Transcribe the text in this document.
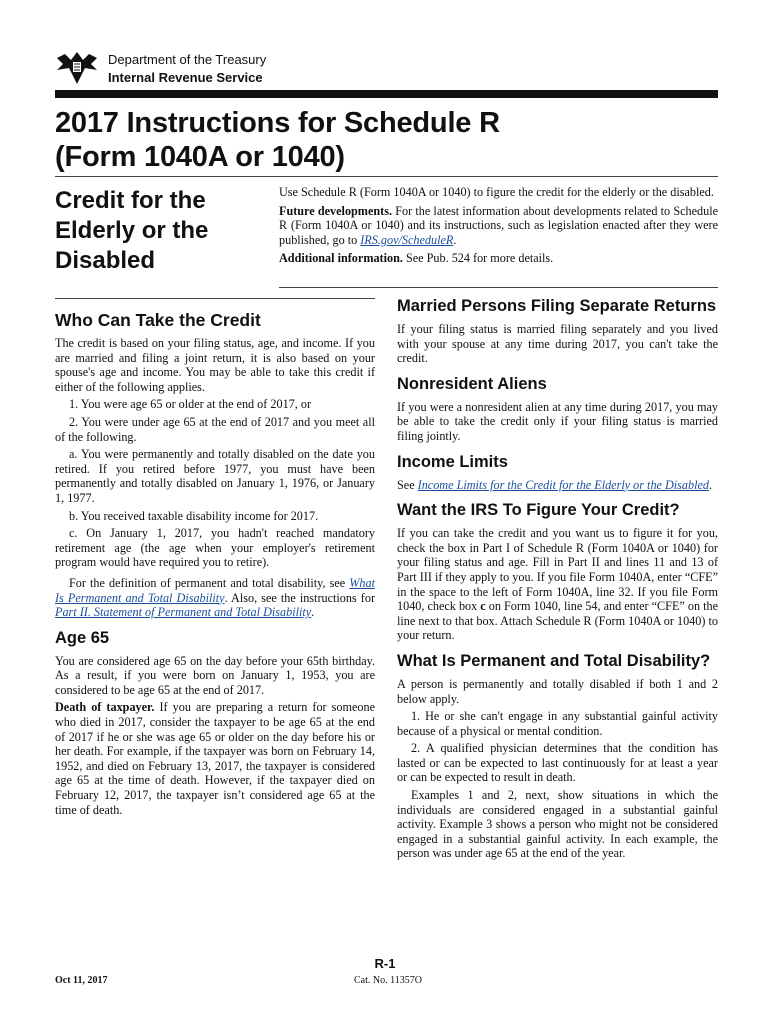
Department of the Treasury
Internal Revenue Service
2017 Instructions for Schedule R
(Form 1040A or 1040)
Credit for the
Elderly or the
Disabled
Use Schedule R (Form 1040A or 1040) to figure the credit for the elderly or the disabled.
Future developments. For the latest information about developments related to Schedule R (Form 1040A or 1040) and its instructions, such as legislation enacted after they were published, go to IRS.gov/ScheduleR.
Additional information. See Pub. 524 for more details.
Who Can Take the Credit
The credit is based on your filing status, age, and income. If you are married and filing a joint return, it is also based on your spouse's age and income. You may be able to take this credit if either of the following applies.
1. You were age 65 or older at the end of 2017, or
2. You were under age 65 at the end of 2017 and you meet all of the following.
a. You were permanently and totally disabled on the date you retired. If you retired before 1977, you must have been permanently and totally disabled on January 1, 1976, or January 1, 1977.
b. You received taxable disability income for 2017.
c. On January 1, 2017, you hadn't reached mandatory retirement age (the age when your employer's retirement program would have required you to retire).
For the definition of permanent and total disability, see What Is Permanent and Total Disability. Also, see the instructions for Part II. Statement of Permanent and Total Disability.
Age 65
You are considered age 65 on the day before your 65th birthday. As a result, if you were born on January 1, 1953, you are considered to be age 65 at the end of 2017.
Death of taxpayer. If you are preparing a return for someone who died in 2017, consider the taxpayer to be age 65 at the end of 2017 if he or she was age 65 or older on the day before his or her death. For example, if the taxpayer was born on February 14, 1952, and died on February 13, 2017, the taxpayer is considered age 65 at the time of death. However, if the taxpayer died on February 12, 2017, the taxpayer isn’t considered age 65 at the time of death.
Married Persons Filing Separate Returns
If your filing status is married filing separately and you lived with your spouse at any time during 2017, you can't take the credit.
Nonresident Aliens
If you were a nonresident alien at any time during 2017, you may be able to take the credit only if your filing status is married filing jointly.
Income Limits
See Income Limits for the Credit for the Elderly or the Disabled.
Want the IRS To Figure Your Credit?
If you can take the credit and you want us to figure it for you, check the box in Part I of Schedule R (Form 1040A or 1040) for your filing status and age. Fill in Part II and lines 11 and 13 of Part III if they apply to you. If you file Form 1040A, enter “CFE” in the space to the left of Form 1040A, line 32. If you file Form 1040, check box c on Form 1040, line 54, and enter “CFE” on the line next to that box. Attach Schedule R (Form 1040A or 1040) to your return.
What Is Permanent and Total Disability?
A person is permanently and totally disabled if both 1 and 2 below apply.
1. He or she can't engage in any substantial gainful activity because of a physical or mental condition.
2. A qualified physician determines that the condition has lasted or can be expected to last continuously for at least a year or can be expected to result in death.
Examples 1 and 2, next, show situations in which the individuals are considered engaged in a substantial gainful activity. Example 3 shows a person who might not be considered engaged in a substantial gainful activity. In each example, the person was under age 65 at the end of the year.
R-1
Oct 11, 2017	Cat. No. 11357O
